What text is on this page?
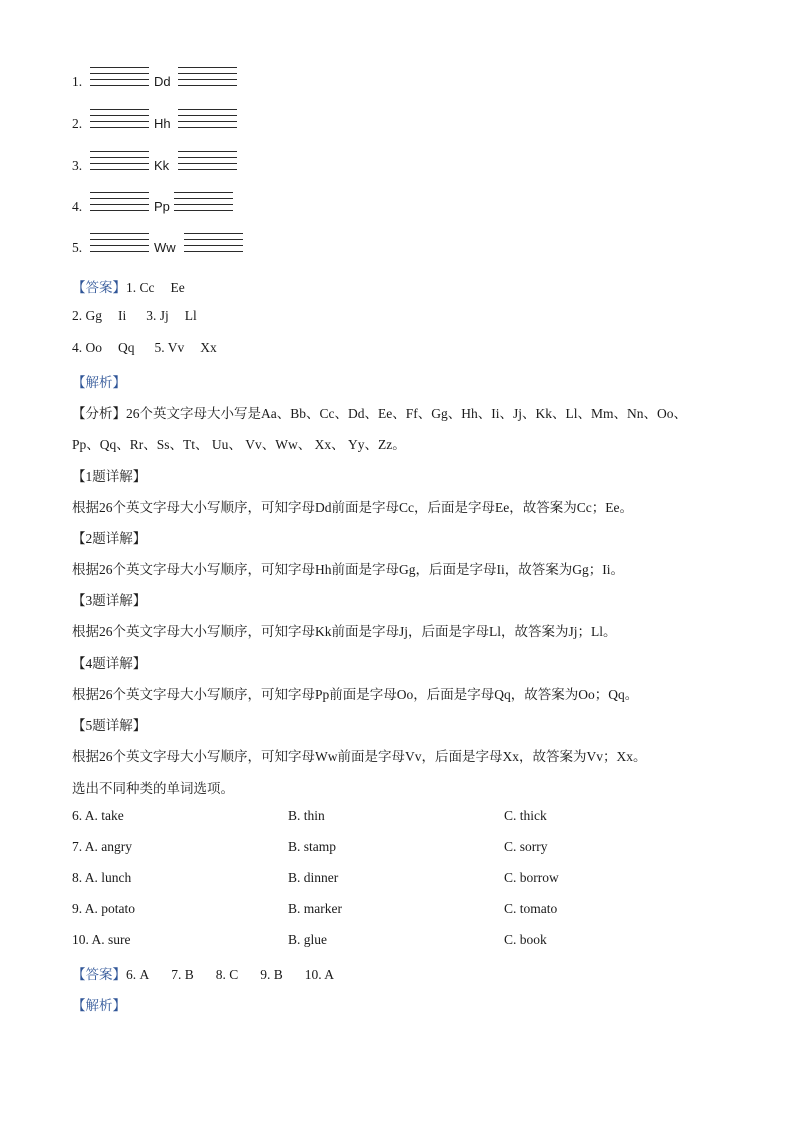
1.	Dd
2.	Hh
3.	Kk
4.	Pp
5.	Ww
【答案】1. Cc Ee
2. Gg Ii 3. Jj Ll
4. Oo Qq 5. Vv Xx
【解析】
【分析】26个英文字母大小写是Aa、Bb、Cc、Dd、Ee、Ff、Gg、Hh、Ii、Jj、Kk、Ll、Mm、Nn、Oo、
Pp、Qq、Rr、Ss、Tt、 Uu、 Vv、Ww、 Xx、 Yy、Zz。
【1题详解】
根据26个英文字母大小写顺序，可知字母Dd前面是字母Cc，后面是字母Ee，故答案为Cc；Ee。
【2题详解】
根据26个英文字母大小写顺序，可知字母Hh前面是字母Gg，后面是字母Ii，故答案为Gg；Ii。
【3题详解】
根据26个英文字母大小写顺序，可知字母Kk前面是字母Jj，后面是字母Ll，故答案为Jj；Ll。
【4题详解】
根据26个英文字母大小写顺序，可知字母Pp前面是字母Oo，后面是字母Qq，故答案为Oo；Qq。
【5题详解】
根据26个英文字母大小写顺序，可知字母Ww前面是字母Vv，后面是字母Xx，故答案为Vv；Xx。
选出不同种类的单词选项。
6. A. take	B. thin	C. thick
7. A. angry	B. stamp	C. sorry
8. A. lunch	B. dinner	C. borrow
9. A. potato	B. marker	C. tomato
10. A. sure	B. glue	C. book
【答案】6. A 7. B 8. C 9. B 10. A
【解析】
